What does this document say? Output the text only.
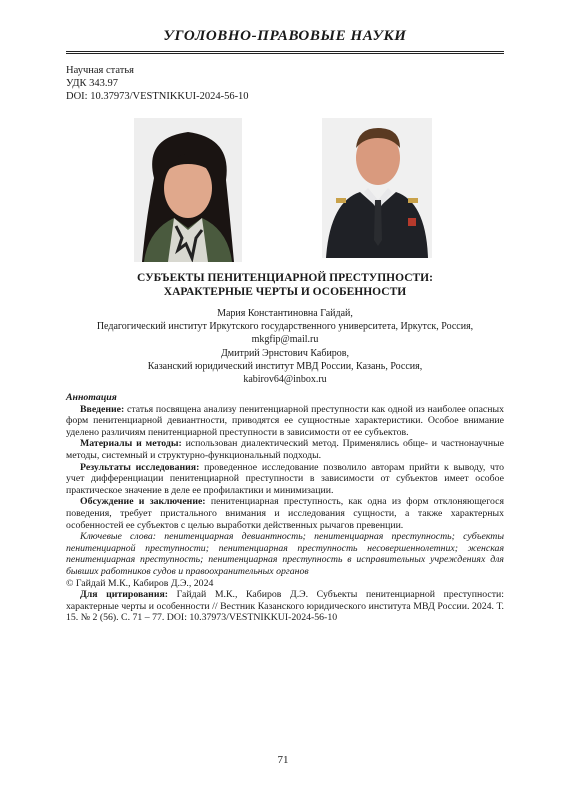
УГОЛОВНО-ПРАВОВЫЕ НАУКИ
Научная статья
УДК 343.97
DOI: 10.37973/VESTNIKKUI-2024-56-10
СУБЪЕКТЫ ПЕНИТЕНЦИАРНОЙ ПРЕСТУПНОСТИ:
ХАРАКТЕРНЫЕ ЧЕРТЫ И ОСОБЕННОСТИ
Мария Константиновна Гайдай,
Педагогический институт Иркутского государственного университета, Иркутск, Россия,
mkgfip@mail.ru
Дмитрий Эрнстович Кабиров,
Казанский юридический институт МВД России, Казань, Россия,
kabirov64@inbox.ru

Аннотация

Введение: статья посвящена анализу пенитенциарной преступности как одной из наиболее опасных форм пенитенциарной девиантности, приводятся ее сущностные характеристики. Особое внимание уделено различиям пенитенциарной преступности в зависимости от ее субъектов.

Материалы и методы: использован диалектический метод. Применялись обще- и частнонаучные методы, системный и структурно-функциональный подходы.

Результаты исследования: проведенное исследование позволило авторам прийти к выводу, что учет дифференциации пенитенциарной преступности в зависимости от субъектов имеет особое практическое значение в деле ее профилактики и минимизации.

Обсуждение и заключение: пенитенциарная преступность, как одна из форм отклоняющегося поведения, требует пристального внимания и исследования сущности, а также характерных особенностей ее субъектов с целью выработки действенных рычагов превенции.

Ключевые слова: пенитенциарная девиантность; пенитенциарная преступность; субъекты пенитенциарной преступности; пенитенциарная преступность несовершеннолетних; женская пенитенциарная преступность; пенитенциарная преступность в исправительных учреждениях для бывших работников судов и правоохранительных органов

© Гайдай М.К., Кабиров Д.Э., 2024

Для цитирования: Гайдай М.К., Кабиров Д.Э. Субъекты пенитенциарной преступности: характерные черты и особенности // Вестник Казанского юридического института МВД России. 2024. Т. 15. № 2 (56). С. 71 – 77. DOI: 10.37973/VESTNIKKUI-2024-56-10

71
